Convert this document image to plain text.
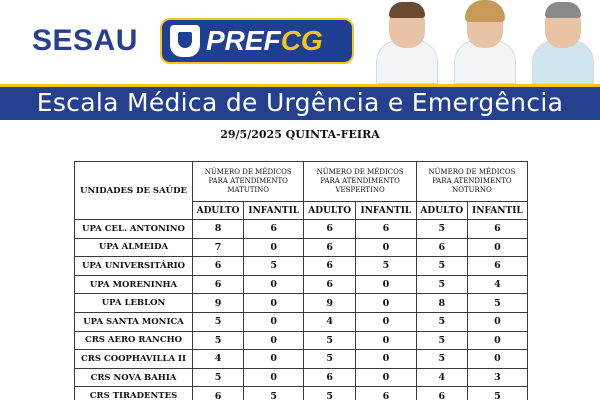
SESAU PREFCG
Escala Médica de Urgência e Emergência
29/5/2025 QUINTA-FEIRA
UNIDADES DE SAÚDE	NÚMERO DE MÉDICOS PARA ATENDIMENTO MATUTINO		NÚMERO DE MÉDICOS PARA ATENDIMENTO VESPERTINO		NÚMERO DE MÉDICOS PARA ATENDIMENTO NOTURNO	
	ADULTO	INFANTIL	ADULTO	INFANTIL	ADULTO	INFANTIL
UPA CEL. ANTONINO	8	6	6	6	5	6
UPA ALMEIDA	7	0	6	0	6	0
UPA UNIVERSITÁRIO	6	5	6	5	5	6
UPA MORENINHA	6	0	6	0	5	4
UPA LEBLON	9	0	9	0	8	5
UPA SANTA MONICA	5	0	4	0	5	0
CRS AERO RANCHO	5	0	5	0	5	0
CRS COOPHAVILLA II	4	0	5	0	5	0
CRS NOVA BAHIA	5	0	6	0	4	3
CRS TIRADENTES	6	5	5	6	6	5
